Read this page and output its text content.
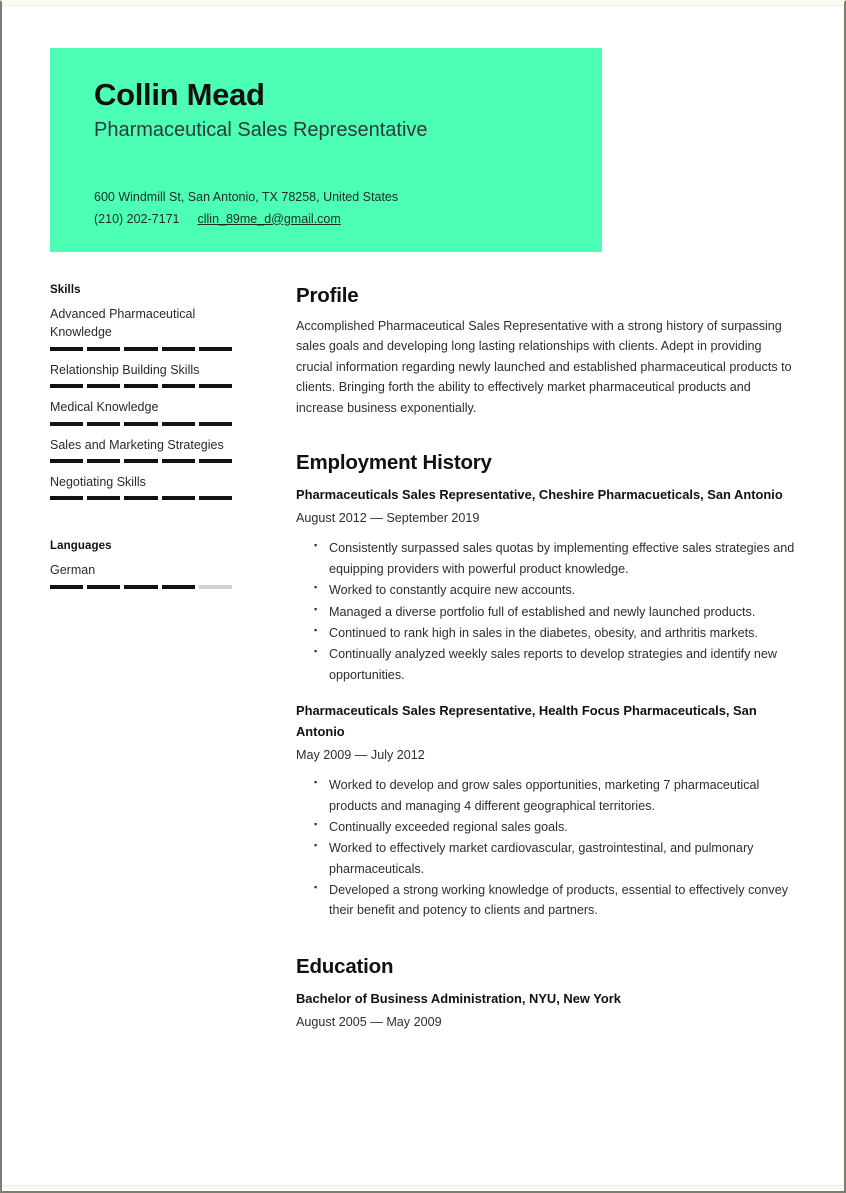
Collin Mead
Pharmaceutical Sales Representative
600 Windmill St, San Antonio, TX 78258, United States
(210) 202-7171 cllin_89me_d@gmail.com
Skills
Advanced Pharmaceutical Knowledge
Relationship Building Skills
Medical Knowledge
Sales and Marketing Strategies
Negotiating Skills
Languages
German
Profile

Accomplished Pharmaceutical Sales Representative with a strong history of surpassing sales goals and developing long lasting relationships with clients. Adept in providing crucial information regarding newly launched and established pharmaceutical products to clients. Bringing forth the ability to effectively market pharmaceutical products and increase business exponentially.

Employment History
Pharmaceuticals Sales Representative, Cheshire Pharmacueticals, San Antonio
August 2012 — September 2019
▪ Consistently surpassed sales quotas by implementing effective sales strategies and equipping providers with powerful product knowledge.
▪ Worked to constantly acquire new accounts.
▪ Managed a diverse portfolio full of established and newly launched products.
▪ Continued to rank high in sales in the diabetes, obesity, and arthritis markets.
▪ Continually analyzed weekly sales reports to develop strategies and identify new opportunities.
Pharmaceuticals Sales Representative, Health Focus Pharmaceuticals, San Antonio
May 2009 — July 2012
▪ Worked to develop and grow sales opportunities, marketing 7 pharmaceutical products and managing 4 different geographical territories.
▪ Continually exceeded regional sales goals.
▪ Worked to effectively market cardiovascular, gastrointestinal, and pulmonary pharmaceuticals.
▪ Developed a strong working knowledge of products, essential to effectively convey their benefit and potency to clients and partners.
Education
Bachelor of Business Administration, NYU, New York
August 2005 — May 2009
